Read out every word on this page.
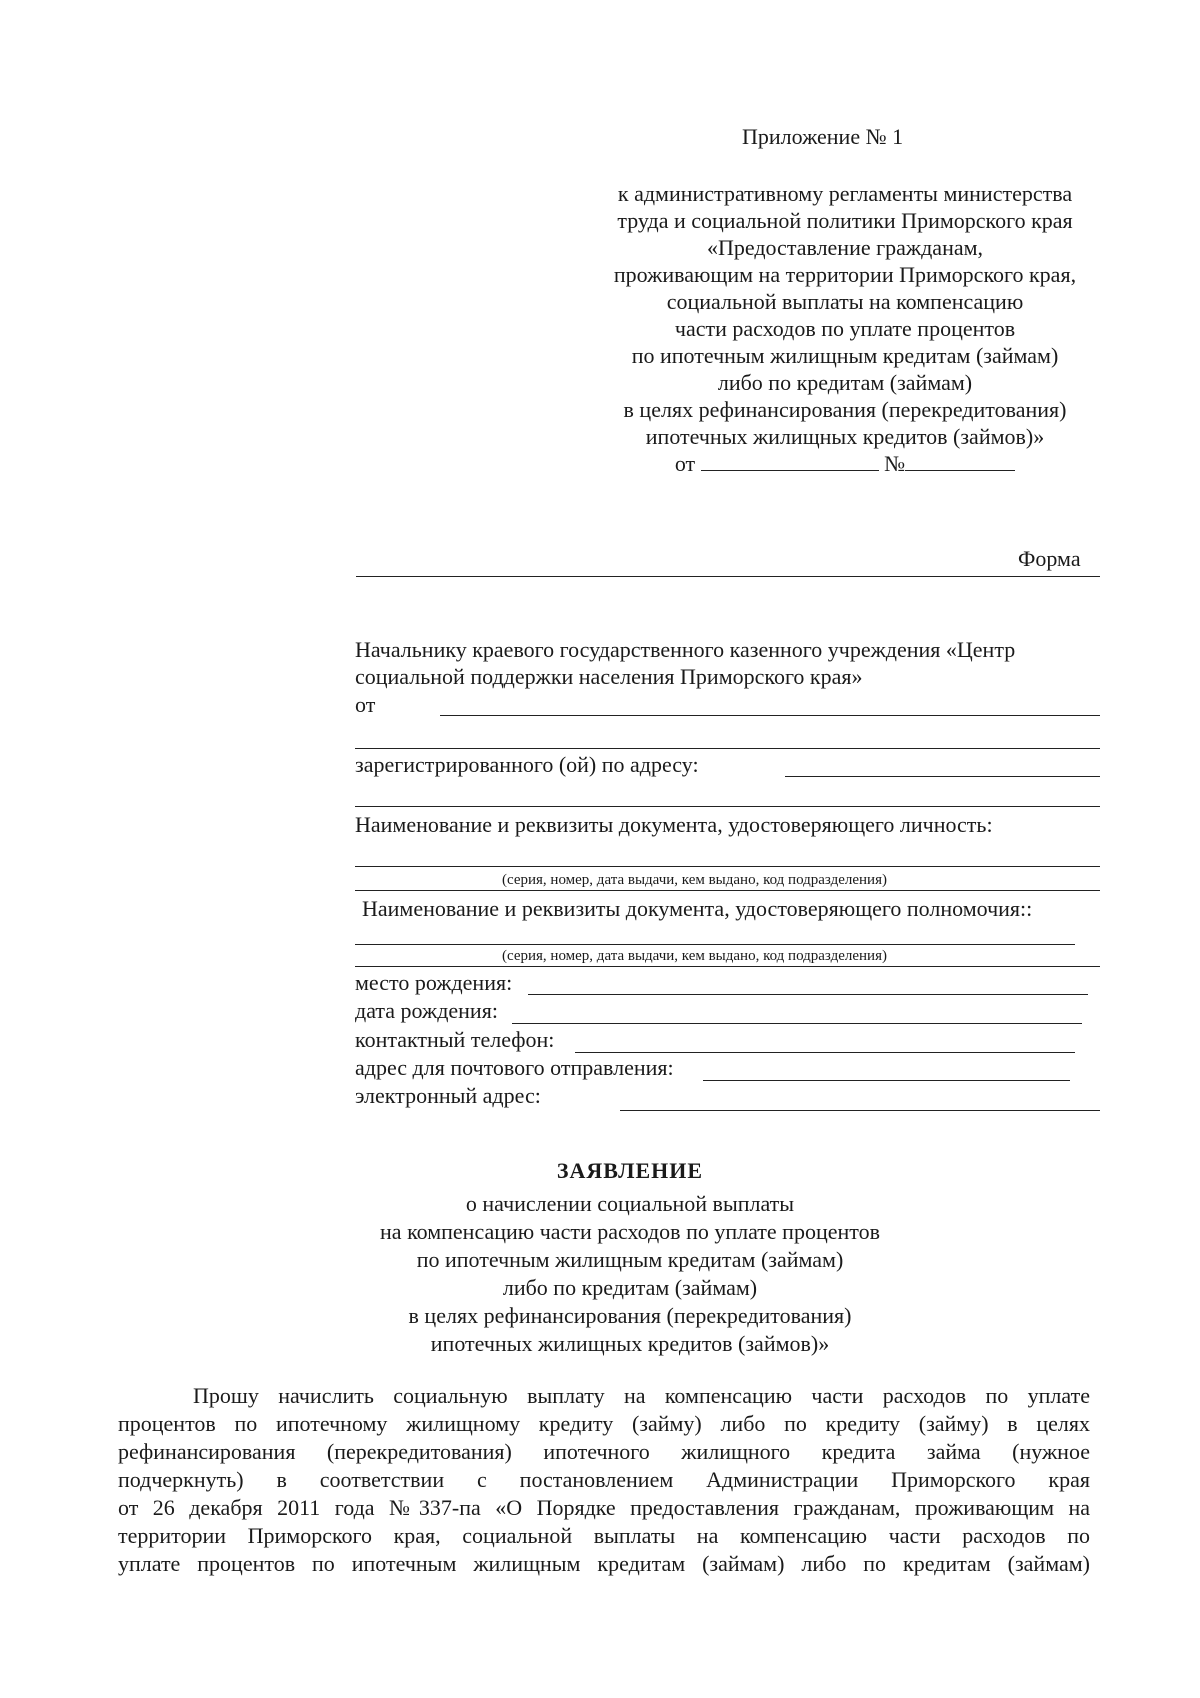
Приложение № 1
к административному регламенты министерства
труда и социальной политики Приморского края
«Предоставление гражданам,
проживающим на территории Приморского края,
социальной выплаты на компенсацию
части расходов по уплате процентов
по ипотечным жилищным кредитам (займам)
либо по кредитам (займам)
в целях рефинансирования (перекредитования)
ипотечных жилищных кредитов (займов)»
от	№
Форма
Начальнику краевого государственного казенного учреждения «Центр
социальной поддержки населения Приморского края»
от
зарегистрированного (ой) по адресу:
Наименование и реквизиты документа, удостоверяющего личность:
(серия, номер, дата выдачи, кем выдано, код подразделения)
Наименование и реквизиты документа, удостоверяющего полномочия::
(серия, номер, дата выдачи, кем выдано, код подразделения)
место рождения:
дата рождения:
контактный телефон:
адрес для почтового отправления:
электронный адрес:
ЗАЯВЛЕНИЕ
о начислении социальной выплаты
на компенсацию части расходов по уплате процентов
по ипотечным жилищным кредитам (займам)
либо по кредитам (займам)
в целях рефинансирования (перекредитования)
ипотечных жилищных кредитов (займов)»
Прошу начислить социальную выплату на компенсацию части расходов по уплате
процентов по ипотечному жилищному кредиту (займу) либо по кредиту (займу) в целях
рефинансирования (перекредитования) ипотечного жилищного кредита займа (нужное
подчеркнуть) в соответствии с постановлением Администрации Приморского края
от 26 декабря 2011 года №337-па «О Порядке предоставления гражданам, проживающим на
территории Приморского края, социальной выплаты на компенсацию части расходов по
уплате процентов по ипотечным жилищным кредитам (займам) либо по кредитам (займам)
